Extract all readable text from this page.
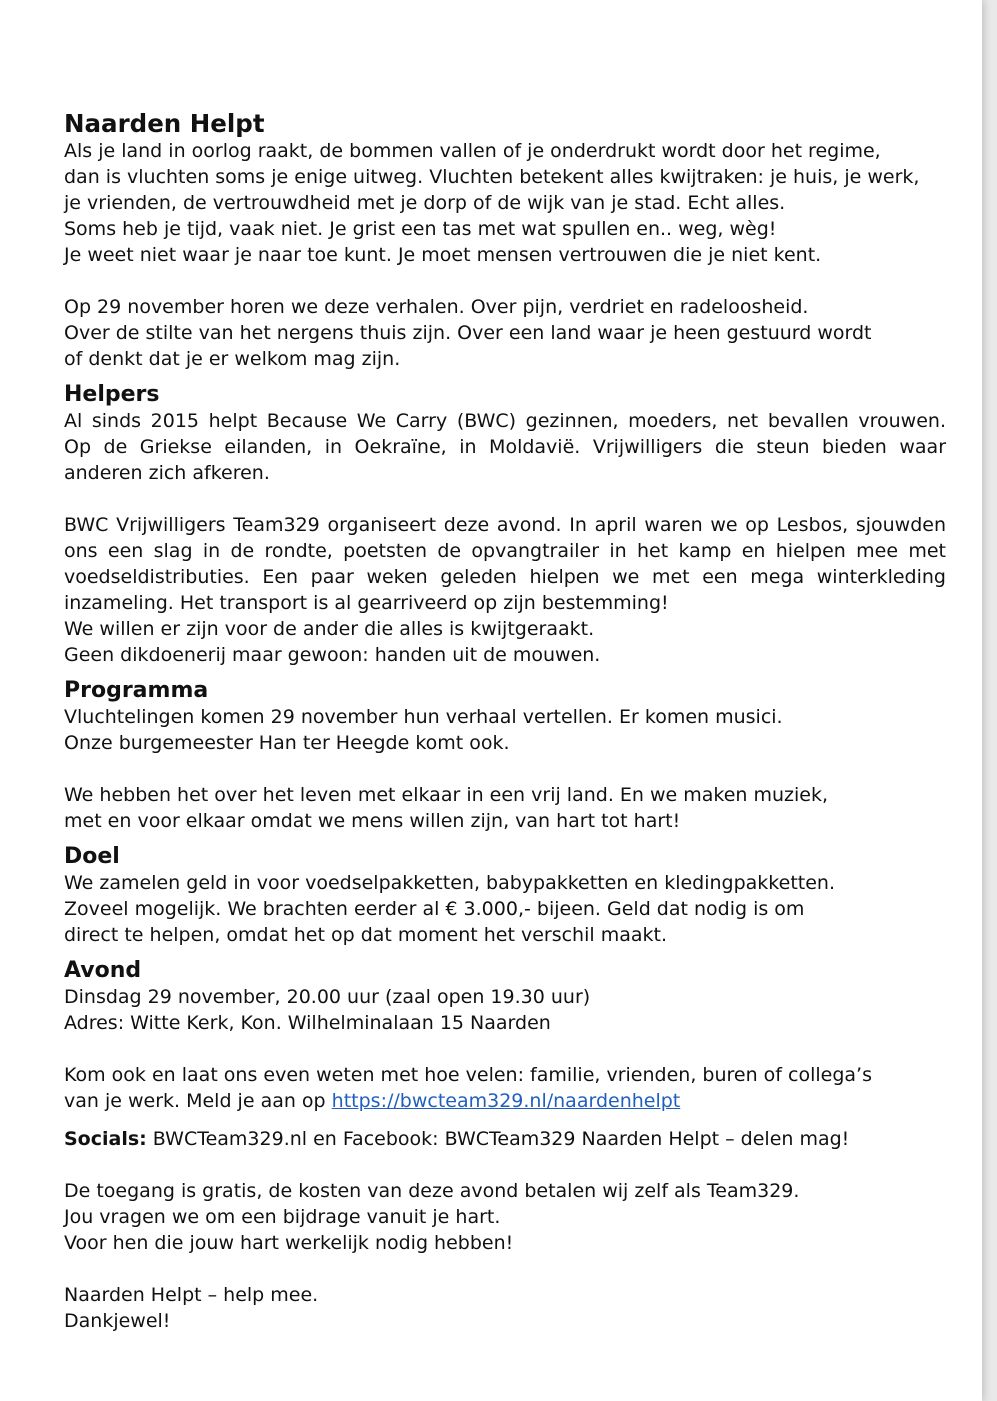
Naarden Helpt
Als je land in oorlog raakt, de bommen vallen of je onderdrukt wordt door het regime,
dan is vluchten soms je enige uitweg. Vluchten betekent alles kwijtraken: je huis, je werk,
je vrienden, de vertrouwdheid met je dorp of de wijk van je stad. Echt alles.
Soms heb je tijd, vaak niet. Je grist een tas met wat spullen en.. weg, wèg!
Je weet niet waar je naar toe kunt. Je moet mensen vertrouwen die je niet kent.
Op 29 november horen we deze verhalen. Over pijn, verdriet en radeloosheid.
Over de stilte van het nergens thuis zijn. Over een land waar je heen gestuurd wordt
of denkt dat je er welkom mag zijn.
Helpers
Al sinds 2015 helpt Because We Carry (BWC) gezinnen, moeders, net bevallen vrouwen.
Op de Griekse eilanden, in Oekraïne, in Moldavië. Vrijwilligers die steun bieden waar
anderen zich afkeren.
BWC Vrijwilligers Team329 organiseert deze avond. In april waren we op Lesbos, sjouwden
ons een slag in de rondte, poetsten de opvangtrailer in het kamp en hielpen mee met
voedseldistributies. Een paar weken geleden hielpen we met een mega winterkleding
inzameling. Het transport is al gearriveerd op zijn bestemming!
We willen er zijn voor de ander die alles is kwijtgeraakt.
Geen dikdoenerij maar gewoon: handen uit de mouwen.
Programma
Vluchtelingen komen 29 november hun verhaal vertellen. Er komen musici.
Onze burgemeester Han ter Heegde komt ook.
We hebben het over het leven met elkaar in een vrij land. En we maken muziek,
met en voor elkaar omdat we mens willen zijn, van hart tot hart!
Doel
We zamelen geld in voor voedselpakketten, babypakketten en kledingpakketten.
Zoveel mogelijk. We brachten eerder al € 3.000,- bijeen. Geld dat nodig is om
direct te helpen, omdat het op dat moment het verschil maakt.
Avond
Dinsdag 29 november, 20.00 uur (zaal open 19.30 uur)
Adres: Witte Kerk, Kon. Wilhelminalaan 15 Naarden
Kom ook en laat ons even weten met hoe velen: familie, vrienden, buren of collega’s
van je werk. Meld je aan op https://bwcteam329.nl/naardenhelpt
Socials: BWCTeam329.nl en Facebook: BWCTeam329 Naarden Helpt – delen mag!
De toegang is gratis, de kosten van deze avond betalen wij zelf als Team329.
Jou vragen we om een bijdrage vanuit je hart.
Voor hen die jouw hart werkelijk nodig hebben!
Naarden Helpt – help mee.
Dankjewel!
